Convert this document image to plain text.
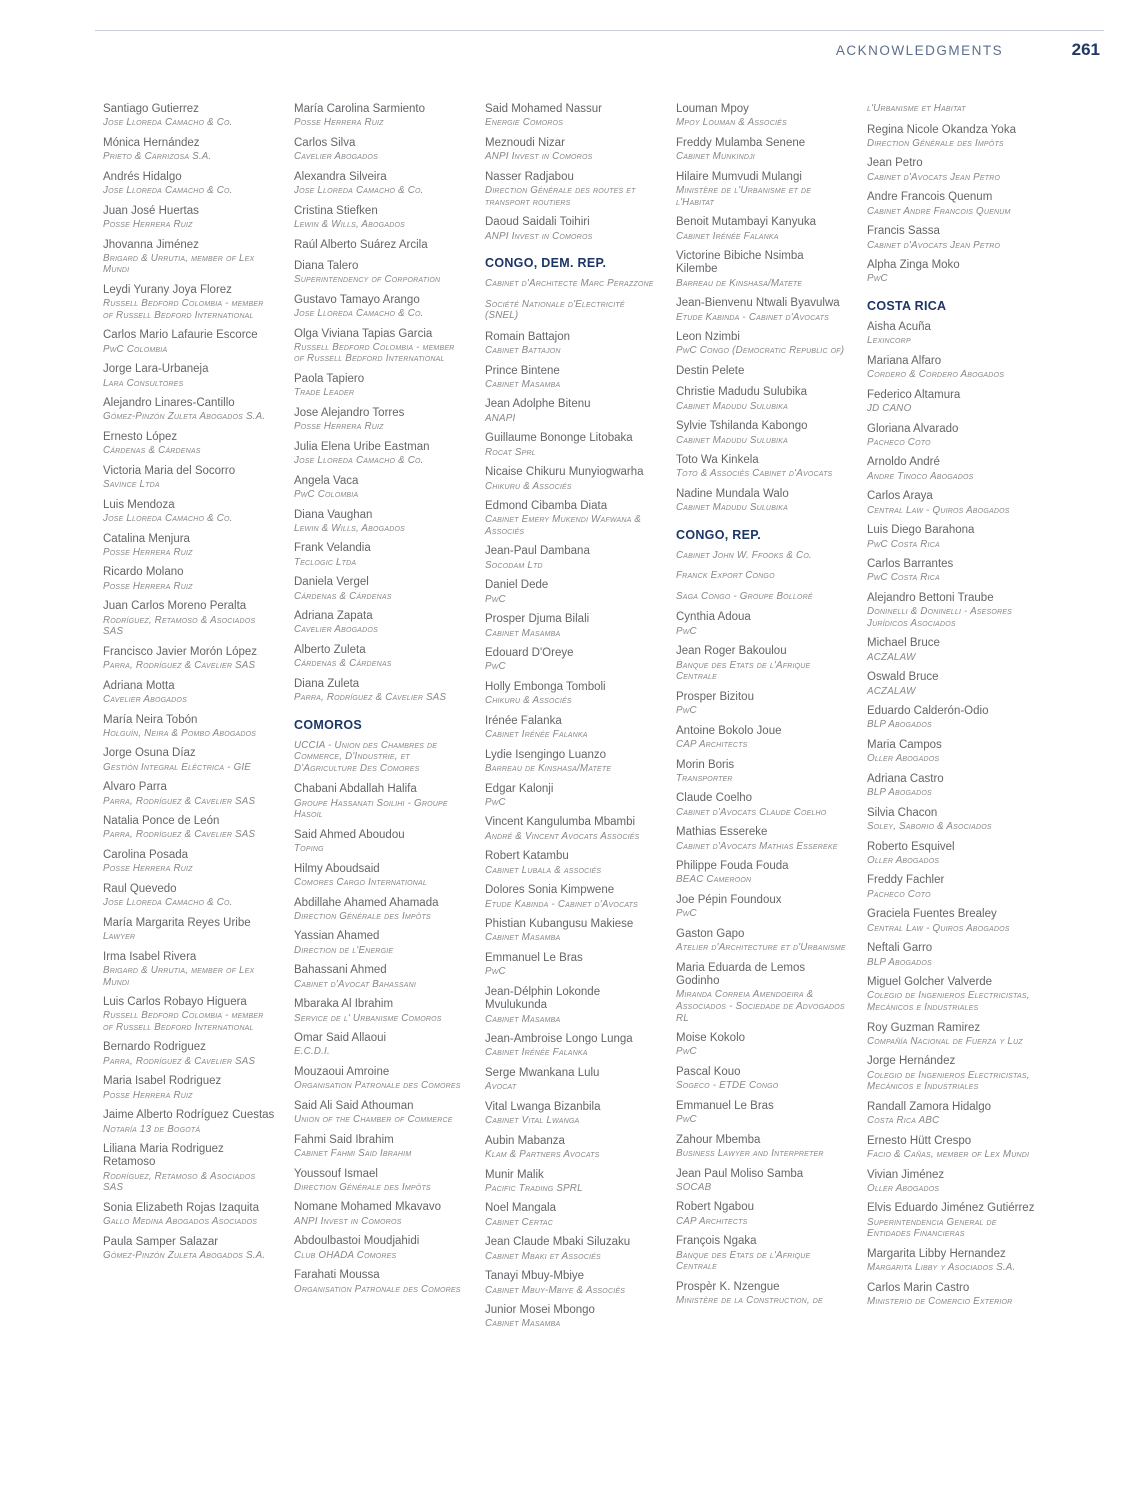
ACKNOWLEDGMENTS	261
Santiago Gutierrez
Jose Lloreda Camacho & Co.
Mónica Hernández
Prieto & Carrizosa S.A.
Andrés Hidalgo
Jose Lloreda Camacho & Co.
Juan José Huertas
Posse Herrera Ruiz
Jhovanna Jiménez
Brigard & Urrutia, member of Lex Mundi
Leydi Yurany Joya Florez
Russell Bedford Colombia - member of Russell Bedford International
Carlos Mario Lafaurie Escorce
PwC Colombia
Jorge Lara-Urbaneja
Lara Consultores
Alejandro Linares-Cantillo
Gómez-Pinzón Zuleta Abogados S.A.
Ernesto López
Cárdenas & Cárdenas
Victoria Maria del Socorro
Savince Ltda
Luis Mendoza
Jose Lloreda Camacho & Co.
Catalina Menjura
Posse Herrera Ruiz
Ricardo Molano
Posse Herrera Ruiz
Juan Carlos Moreno Peralta
Rodríguez, Retamoso & Asociados SAS
Francisco Javier Morón López
Parra, Rodríguez & Cavelier SAS
Adriana Motta
Cavelier Abogados
María Neira Tobón
Holguín, Neira & Pombo Abogados
Jorge Osuna Díaz
Gestión Integral Eléctrica - GIE
Alvaro Parra
Parra, Rodríguez & Cavelier SAS
Natalia Ponce de León
Parra, Rodríguez & Cavelier SAS
Carolina Posada
Posse Herrera Ruiz
Raul Quevedo
Jose Lloreda Camacho & Co.
María Margarita Reyes Uribe
Lawyer
Irma Isabel Rivera
Brigard & Urrutia, member of Lex Mundi
Luis Carlos Robayo Higuera
Russell Bedford Colombia - member of Russell Bedford International
Bernardo Rodriguez
Parra, Rodríguez & Cavelier SAS
Maria Isabel Rodriguez
Posse Herrera Ruiz
Jaime Alberto Rodríguez Cuestas
Notaría 13 de Bogotá
Liliana Maria Rodriguez Retamoso
Rodríguez, Retamoso & Asociados SAS
Sonia Elizabeth Rojas Izaquita
Gallo Medina Abogados Asociados
Paula Samper Salazar
Gómez-Pinzón Zuleta Abogados S.A.
María Carolina Sarmiento
Posse Herrera Ruiz
Carlos Silva
Cavelier Abogados
Alexandra Silveira
Jose Lloreda Camacho & Co.
Cristina Stiefken
Lewin & Wills, Abogados
Raúl Alberto Suárez Arcila
Diana Talero
Superintendency of Corporation
Gustavo Tamayo Arango
Jose Lloreda Camacho & Co.
Olga Viviana Tapias Garcia
Russell Bedford Colombia - member of Russell Bedford International
Paola Tapiero
Trade Leader
Jose Alejandro Torres
Posse Herrera Ruiz
Julia Elena Uribe Eastman
Jose Lloreda Camacho & Co.
Angela Vaca
PwC Colombia
Diana Vaughan
Lewin & Wills, Abogados
Frank Velandia
Teclogic Ltda
Daniela Vergel
Cárdenas & Cárdenas
Adriana Zapata
Cavelier Abogados
Alberto Zuleta
Cárdenas & Cárdenas
Diana Zuleta
Parra, Rodríguez & Cavelier SAS
COMOROS

UCCIA - Union des Chambres de Commerce, D'Industrie, et D'Agriculture Des Comores

Chabani Abdallah Halifa
Groupe Hassanati Soilihi - Groupe Hasoil
Said Ahmed Aboudou
Toping
Hilmy Aboudsaid
Comores Cargo International
Abdillahe Ahamed Ahamada
Direction Générale des Impôts
Yassian Ahamed
Direction de l'Energie
Bahassani Ahmed
Cabinet d'Avocat Bahassani
Mbaraka Al Ibrahim
Service de l' Urbanisme Comoros
Omar Said Allaoui
E.C.D.I.
Mouzaoui Amroine
Organisation Patronale des Comores
Said Ali Said Athouman
Union of the Chamber of Commerce
Fahmi Said Ibrahim
Cabinet Fahmi Said Ibrahim
Youssouf Ismael
Direction Générale des Impôts
Nomane Mohamed Mkavavo
ANPI Invest in Comoros
Abdoulbastoi Moudjahidi
Club OHADA Comores
Farahati Moussa
Organisation Patronale des Comores
Said Mohamed Nassur
Energie Comoros
Meznoudi Nizar
ANPI Invest in Comoros
Nasser Radjabou
Direction Générale des routes et transport routiers
Daoud Saidali Toihiri
ANPI Invest in Comoros
CONGO, DEM. REP.

Cabinet d'Architecte Marc Perazzone

Société Nationale d'Electricité (SNEL)

Romain Battajon
Cabinet Battajon
Prince Bintene
Cabinet Masamba
Jean Adolphe Bitenu
ANAPI
Guillaume Bononge Litobaka
Rocat Sprl
Nicaise Chikuru Munyiogwarha
Chikuru & Associés
Edmond Cibamba Diata
Cabinet Emery Mukendi Wafwana & Associés
Jean-Paul Dambana
Socodam Ltd
Daniel Dede
PwC
Prosper Djuma Bilali
Cabinet Masamba
Edouard D'Oreye
PwC
Holly Embonga Tomboli
Chikuru & Associés
Irénée Falanka
Cabinet Irénée Falanka
Lydie Isengingo Luanzo
Barreau de Kinshasa/Matete
Edgar Kalonji
PwC
Vincent Kangulumba Mbambi
André & Vincent Avocats Associés
Robert Katambu
Cabinet Lubala & associés
Dolores Sonia Kimpwene
Etude Kabinda - Cabinet d'Avocats
Phistian Kubangusu Makiese
Cabinet Masamba
Emmanuel Le Bras
PwC
Jean-Délphin Lokonde Mvulukunda
Cabinet Masamba
Jean-Ambroise Longo Lunga
Cabinet Irénée Falanka
Serge Mwankana Lulu
Avocat
Vital Lwanga Bizanbila
Cabinet Vital Lwanga
Aubin Mabanza
Klam & Partners Avocats
Munir Malik
Pacific Trading SPRL
Noel Mangala
Cabinet Certac
Jean Claude Mbaki Siluzaku
Cabinet Mbaki et Associés
Tanayi Mbuy-Mbiye
Cabinet Mbuy-Mbiye & Associés
Junior Mosei Mbongo
Cabinet Masamba
Louman Mpoy
Mpoy Louman & Associés
Freddy Mulamba Senene
Cabinet Munkindji
Hilaire Mumvudi Mulangi
Ministère de l'Urbanisme et de l'Habitat
Benoit Mutambayi Kanyuka
Cabinet Irénée Falanka
Victorine Bibiche Nsimba Kilembe
Barreau de Kinshasa/Matete
Jean-Bienvenu Ntwali Byavulwa
Etude Kabinda - Cabinet d'Avocats
Leon Nzimbi
PwC Congo (Democratic Republic of)
Destin Pelete
Christie Madudu Sulubika
Cabinet Madudu Sulubika
Sylvie Tshilanda Kabongo
Cabinet Madudu Sulubika
Toto Wa Kinkela
Toto & Associés Cabinet d'Avocats
Nadine Mundala Walo
Cabinet Madudu Sulubika
CONGO, REP.

Cabinet John W. Ffooks & Co.

Franck Export Congo

Saga Congo - Groupe Bolloré

Cynthia Adoua
PwC
Jean Roger Bakoulou
Banque des Etats de l'Afrique Centrale
Prosper Bizitou
PwC
Antoine Bokolo Joue
CAP Architects
Morin Boris
Transporter
Claude Coelho
Cabinet d'Avocats Claude Coelho
Mathias Essereke
Cabinet d'Avocats Mathias Essereke
Philippe Fouda Fouda
BEAC Cameroon
Joe Pépin Foundoux
PwC
Gaston Gapo
Atelier d'Architecture et d'Urbanisme
Maria Eduarda de Lemos Godinho
Miranda Correia Amendoeira & Associados - Sociedade de Advogados RL
Moise Kokolo
PwC
Pascal Kouo
Sogeco - ETDE Congo
Emmanuel Le Bras
PwC
Zahour Mbemba
Business Lawyer and Interpreter
Jean Paul Moliso Samba
SOCAB
Robert Ngabou
CAP Architects
François Ngaka
Banque des Etats de l'Afrique Centrale
Prospèr K. Nzengue
Ministère de la Construction, de

l'Urbanisme et Habitat

Regina Nicole Okandza Yoka
Direction Générale des Impôts
Jean Petro
Cabinet d'Avocats Jean Petro
Andre Francois Quenum
Cabinet Andre Francois Quenum
Francis Sassa
Cabinet d'Avocats Jean Petro
Alpha Zinga Moko
PwC
COSTA RICA
Aisha Acuña
Lexincorp
Mariana Alfaro
Cordero & Cordero Abogados
Federico Altamura
JD CANO
Gloriana Alvarado
Pacheco Coto
Arnoldo André
Andre Tinoco Abogados
Carlos Araya
Central Law - Quiros Abogados
Luis Diego Barahona
PwC Costa Rica
Carlos Barrantes
PwC Costa Rica
Alejandro Bettoni Traube
Doninelli & Doninelli - Asesores Jurídicos Asociados
Michael Bruce
ACZALAW
Oswald Bruce
ACZALAW
Eduardo Calderón-Odio
BLP Abogados
Maria Campos
Oller Abogados
Adriana Castro
BLP Abogados
Silvia Chacon
Soley, Saborio & Asociados
Roberto Esquivel
Oller Abogados
Freddy Fachler
Pacheco Coto
Graciela Fuentes Brealey
Central Law - Quiros Abogados
Neftali Garro
BLP Abogados
Miguel Golcher Valverde
Colegio de Ingenieros Electricistas, Mecánicos e Industriales
Roy Guzman Ramirez
Compañía Nacional de Fuerza y Luz
Jorge Hernández
Colegio de Ingenieros Electricistas, Mecánicos e Industriales
Randall Zamora Hidalgo
Costa Rica ABC
Ernesto Hütt Crespo
Facio & Cañas, member of Lex Mundi
Vivian Jiménez
Oller Abogados
Elvis Eduardo Jiménez Gutiérrez
Superintendencia General de Entidades Financieras
Margarita Libby Hernandez
Margarita Libby y Asociados S.A.
Carlos Marin Castro
Ministerio de Comercio Exterior
